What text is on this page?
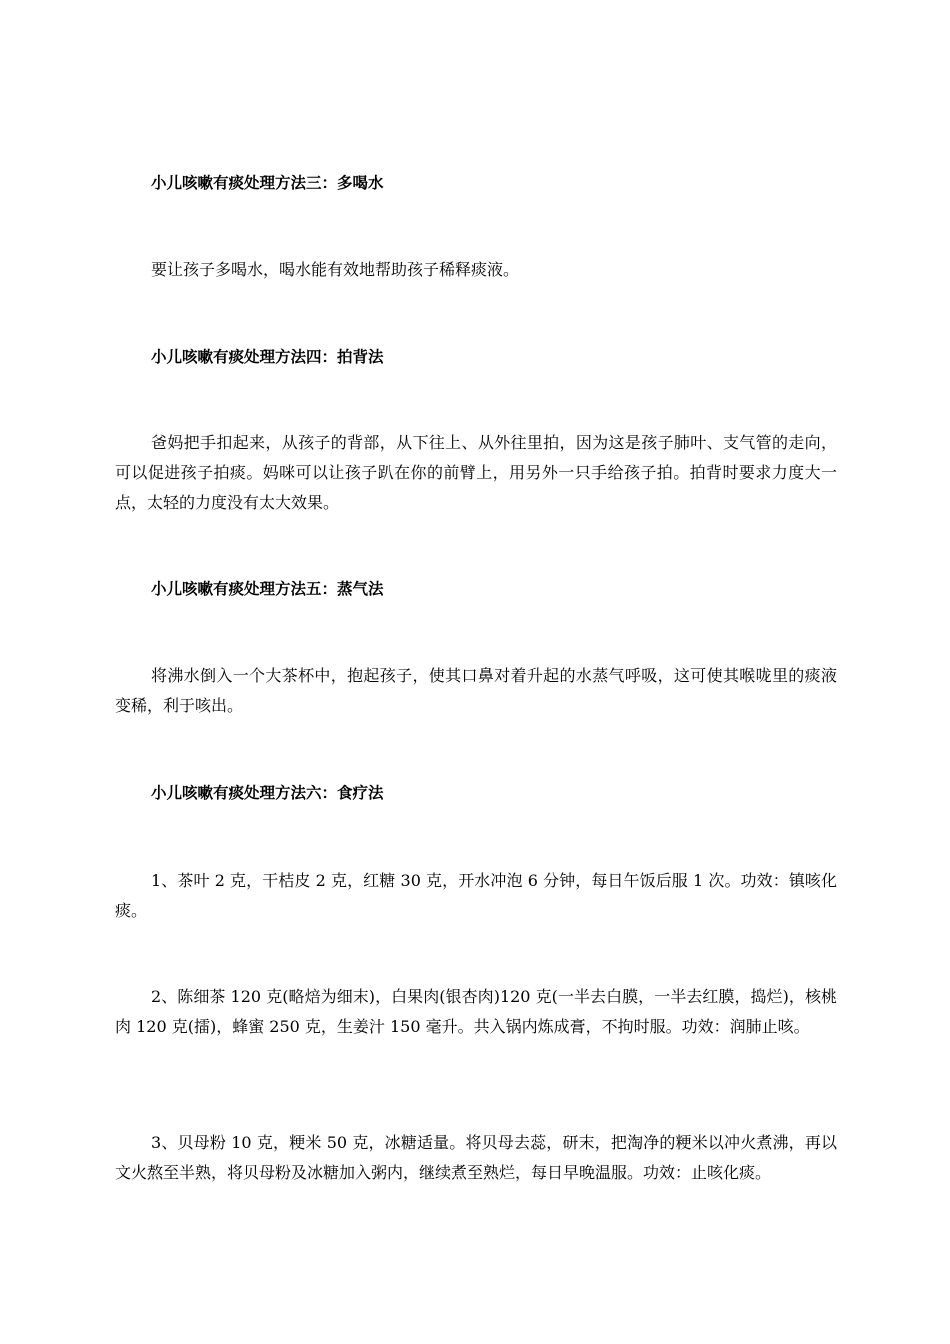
小儿咳嗽有痰处理方法三：多喝水

要让孩子多喝水，喝水能有效地帮助孩子稀释痰液。

小儿咳嗽有痰处理方法四：拍背法

爸妈把手扣起来，从孩子的背部，从下往上、从外往里拍，因为这是孩子肺叶、支气管的走向，可以促进孩子拍痰。妈咪可以让孩子趴在你的前臂上，用另外一只手给孩子拍。拍背时要求力度大一点，太轻的力度没有太大效果。

小儿咳嗽有痰处理方法五：蒸气法

将沸水倒入一个大茶杯中，抱起孩子，使其口鼻对着升起的水蒸气呼吸，这可使其喉咙里的痰液变稀，利于咳出。

小儿咳嗽有痰处理方法六：食疗法

1、茶叶 2 克，干桔皮 2 克，红糖 30 克，开水冲泡 6 分钟，每日午饭后服 1 次。功效：镇咳化痰。

2、陈细茶 120 克(略焙为细末)，白果肉(银杏肉)120 克(一半去白膜，一半去红膜，捣烂)，核桃肉 120 克(擂)，蜂蜜 250 克，生姜汁 150 毫升。共入锅内炼成膏，不拘时服。功效：润肺止咳。

3、贝母粉 10 克，粳米 50 克，冰糖适量。将贝母去蕊，研末，把淘净的粳米以冲火煮沸，再以文火熬至半熟，将贝母粉及冰糖加入粥内，继续煮至熟烂，每日早晚温服。功效：止咳化痰。
